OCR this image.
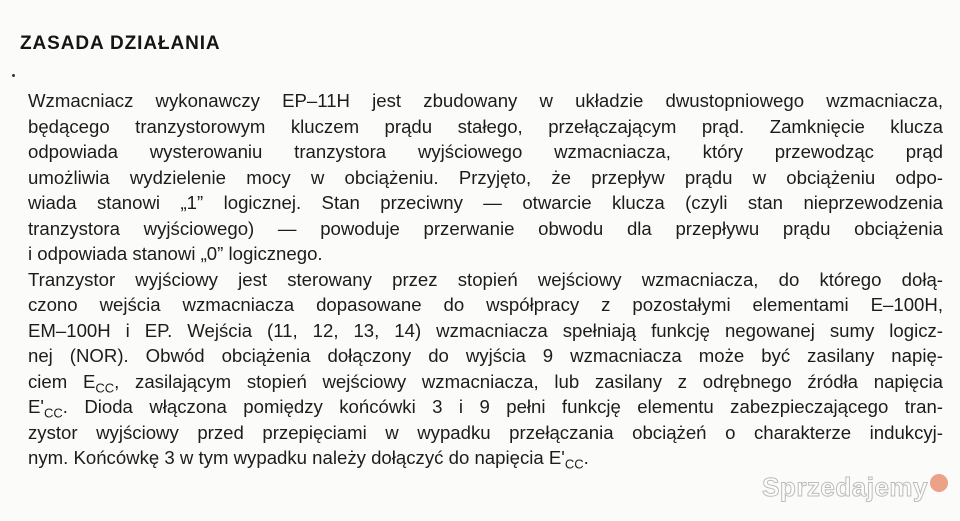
ZASADA DZIAŁANIA
Wzmacniacz wykonawczy EP–11H jest zbudowany w układzie dwustopniowego wzmacniacza,
będącego tranzystorowym kluczem prądu stałego, przełączającym prąd. Zamknięcie klucza
odpowiada wysterowaniu tranzystora wyjściowego wzmacniacza, który przewodząc prąd
umożliwia wydzielenie mocy w obciążeniu. Przyjęto, że przepływ prądu w obciążeniu odpo-
wiada stanowi „1” logicznej. Stan przeciwny — otwarcie klucza (czyli stan nieprzewodzenia
tranzystora wyjściowego) — powoduje przerwanie obwodu dla przepływu prądu obciążenia
i odpowiada stanowi „0” logicznego.
Tranzystor wyjściowy jest sterowany przez stopień wejściowy wzmacniacza, do którego dołą-
czono wejścia wzmacniacza dopasowane do współpracy z pozostałymi elementami E–100H,
EM–100H i EP. Wejścia (11, 12, 13, 14) wzmacniacza spełniają funkcję negowanej sumy logicz-
nej (NOR). Obwód obciążenia dołączony do wyjścia 9 wzmacniacza może być zasilany napię-
ciem $E_{CC}$, zasilającym stopień wejściowy wzmacniacza, lub zasilany z odrębnego źródła napięcia
$E'_{CC}$. Dioda włączona pomiędzy końcówki 3 i 9 pełni funkcję elementu zabezpieczającego tran-
zystor wyjściowy przed przepięciami w wypadku przełączania obciążeń o charakterze indukcyj-
nym. Końcówkę 3 w tym wypadku należy dołączyć do napięcia $E'_{CC}$.
Sprzedajemy
